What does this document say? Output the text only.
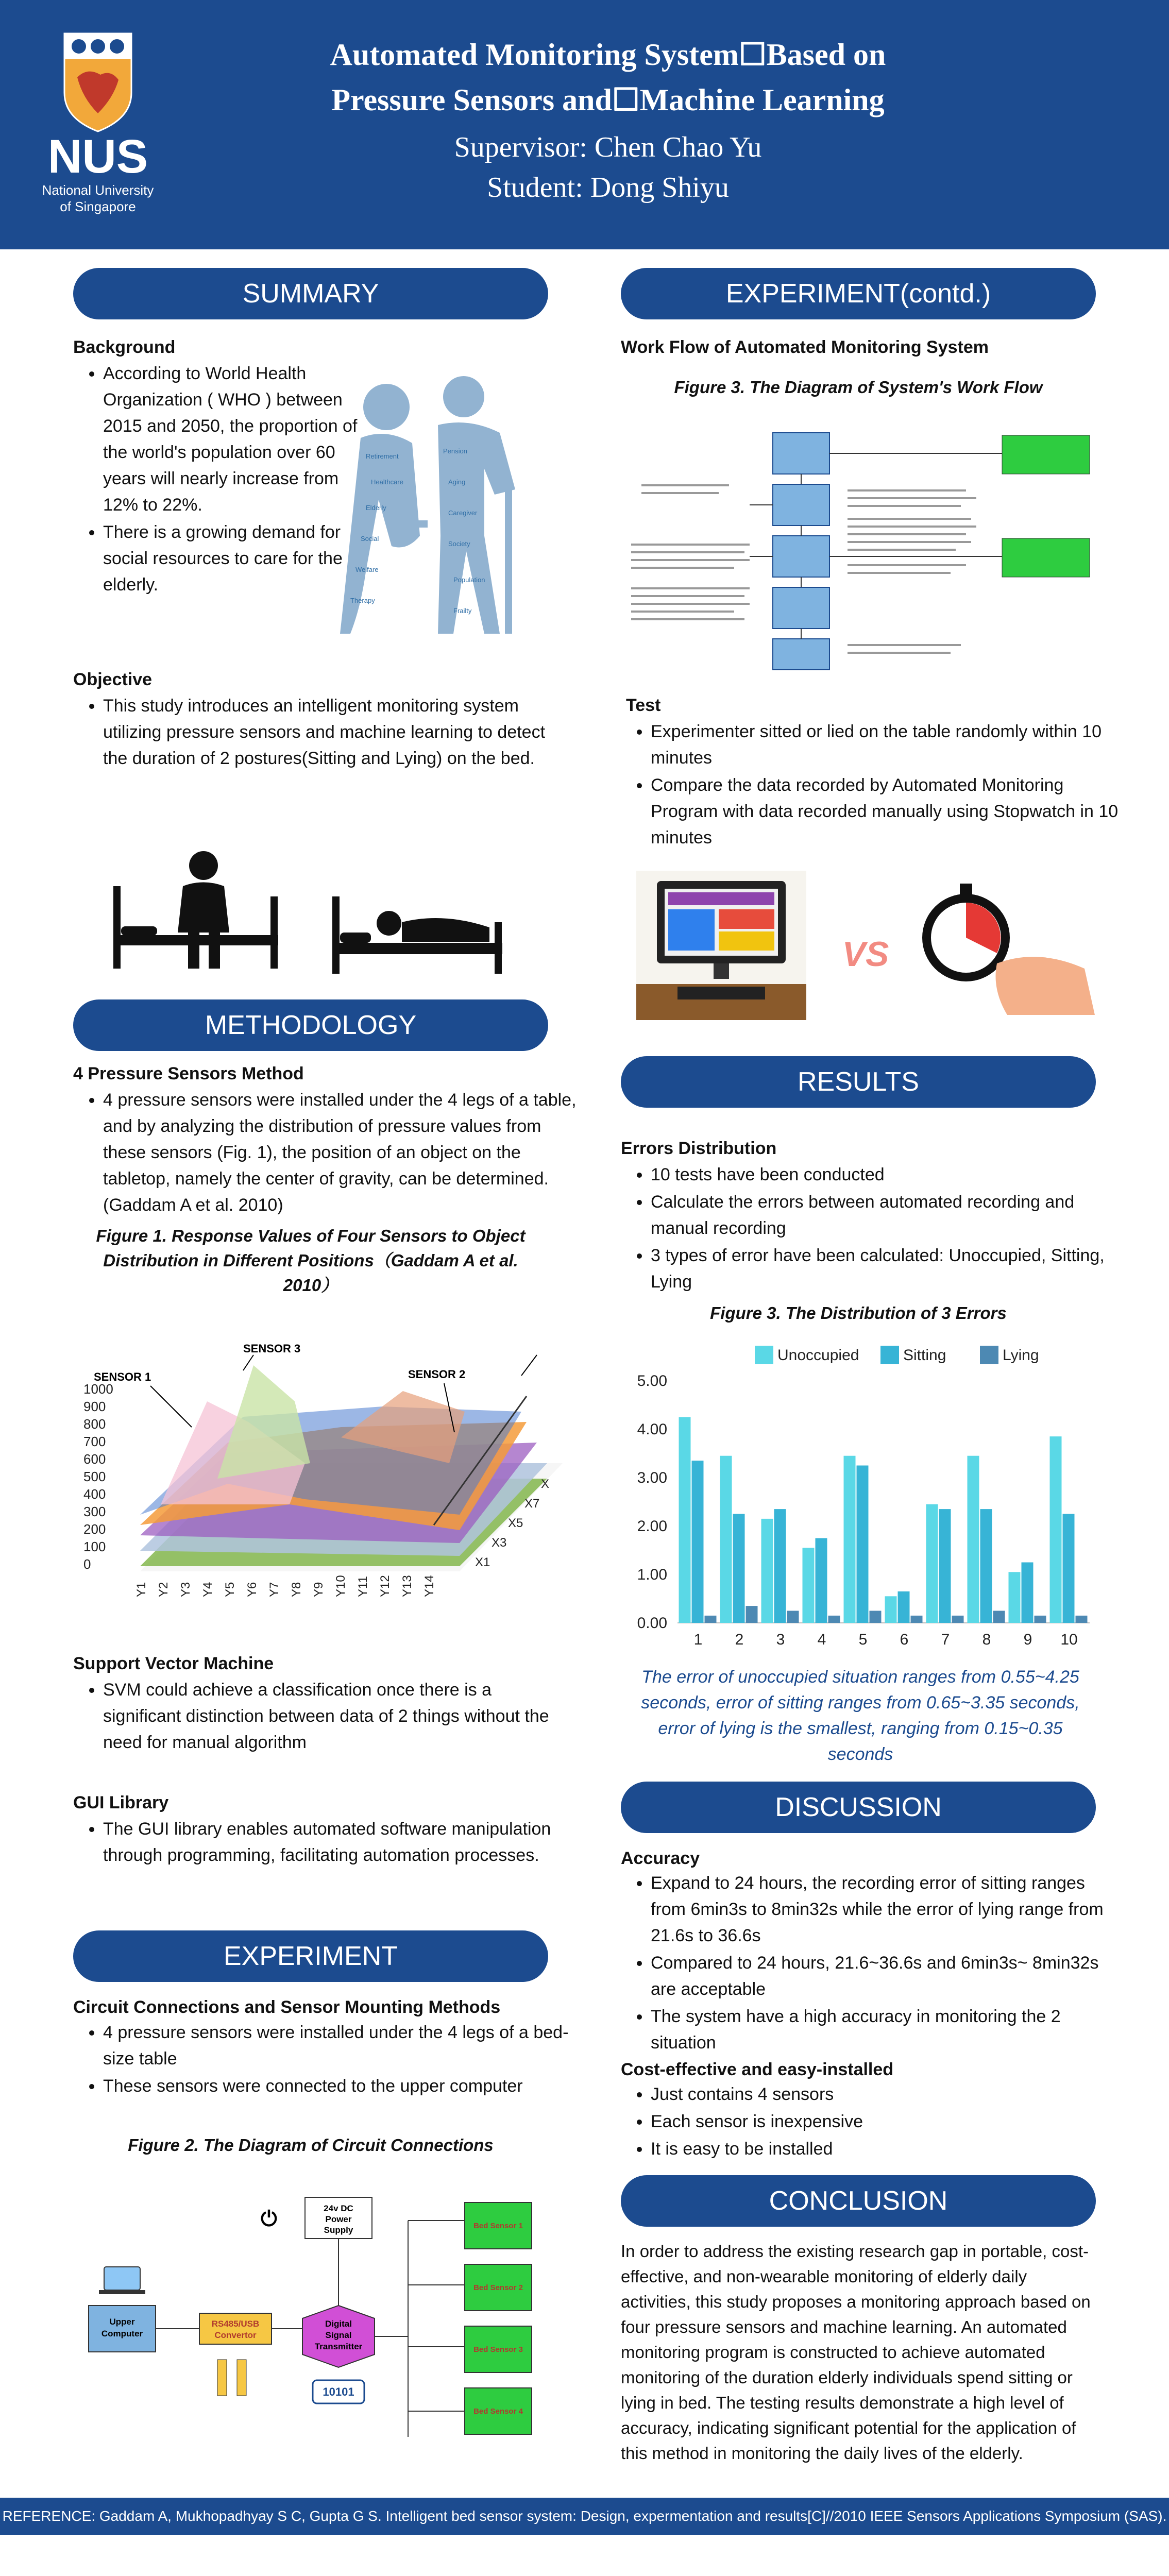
NUS
National University
of Singapore
Automated Monitoring System☐Based on
Pressure Sensors and☐Machine Learning
Supervisor: Chen Chao Yu
Student: Dong Shiyu
SUMMARY
Background
• According to World Health Organization ( WHO ) between 2015 and 2050, the proportion of the world's population over 60 years will nearly increase from 12% to 22%.
• There is a growing demand for social resources to care for the elderly.
Retirement
Pension
Healthcare	Aging
Elderly
Caregiver
Social
Society
Welfare
Population
Therapy
Frailty
Objective
• This study introduces an intelligent monitoring system utilizing pressure sensors and machine learning to detect the duration of 2 postures(Sitting and Lying) on the bed.
METHODOLOGY
4 Pressure Sensors Method
• 4 pressure sensors were installed under the 4 legs of a table, and by analyzing the distribution of pressure values from these sensors (Fig. 1), the position of an object on the tabletop, namely the center of gravity, can be determined.(Gaddam A et al. 2010)
Figure 1. Response Values of Four Sensors to Object
Distribution in Different Positions（Gaddam A et al.
2010）
SENSOR 1
SENSOR 3
SENSOR 2
1000
900
800
700
600
500
400
300
200
100
0
Y1 Y2 Y3 Y4 Y5 Y6 Y7 Y8 Y9 Y10 Y11 Y12 Y13 Y14
X1
X3
X5
X7
X
Support Vector Machine
• SVM could achieve a classification once there is a significant distinction between data of 2 things without the need for manual algorithm
GUI Library
• The GUI library enables automated software manipulation through programming, facilitating automation processes.
EXPERIMENT
Circuit Connections and Sensor Mounting Methods
• 4 pressure sensors were installed under the 4 legs of a bed-size table
• These sensors were connected to the upper computer
Figure 2. The Diagram of Circuit Connections
24v DC
Power
Supply
⏻
Upper
Computer
RS485/USB
Convertor
Digital
Signal
Transmitter
10101
Bed Sensor 1
Bed Sensor 2
Bed Sensor 3
Bed Sensor 4
EXPERIMENT(contd.)
Work Flow of Automated Monitoring System
Figure 3. The Diagram of System's Work Flow
Test
• Experimenter sitted or lied on the table randomly within 10 minutes
• Compare the data recorded by Automated Monitoring Program with data recorded manually using Stopwatch in 10 minutes
VS
RESULTS
Errors Distribution
• 10 tests have been conducted
• Calculate the errors between automated recording and manual recording
• 3 types of error have been calculated: Unoccupied, Sitting, Lying
Figure 3. The Distribution of 3 Errors
Unoccupied	Sitting	Lying
0.00
1.00
2.00
3.00
4.00
5.00
1 2 3 4 5 6 7 8 9 10
The error of unoccupied situation ranges from 0.55~4.25 seconds, error of sitting ranges from 0.65~3.35 seconds, error of lying is the smallest, ranging from 0.15~0.35 seconds
DISCUSSION
Accuracy
• Expand to 24 hours, the recording error of sitting ranges from 6min3s to 8min32s while the error of lying range from 21.6s to 36.6s
• Compared to 24 hours, 21.6~36.6s and 6min3s~ 8min32s are acceptable
• The system have a high accuracy in monitoring the 2 situation
Cost-effective and easy-installed
• Just contains 4 sensors
• Each sensor is inexpensive
• It is easy to be installed
CONCLUSION
In order to address the existing research gap in portable, cost-effective, and non-wearable monitoring of elderly daily activities, this study proposes a monitoring approach based on four pressure sensors and machine learning. An automated monitoring program is constructed to achieve automated monitoring of the duration elderly individuals spend sitting or lying in bed. The testing results demonstrate a high level of accuracy, indicating significant potential for the application of this method in monitoring the daily lives of the elderly.
REFERENCE: Gaddam A, Mukhopadhyay S C, Gupta G S. Intelligent bed sensor system: Design, expermentation and results[C]//2010 IEEE Sensors Applications Symposium (SAS). IEEE, 2010: 220-225.
